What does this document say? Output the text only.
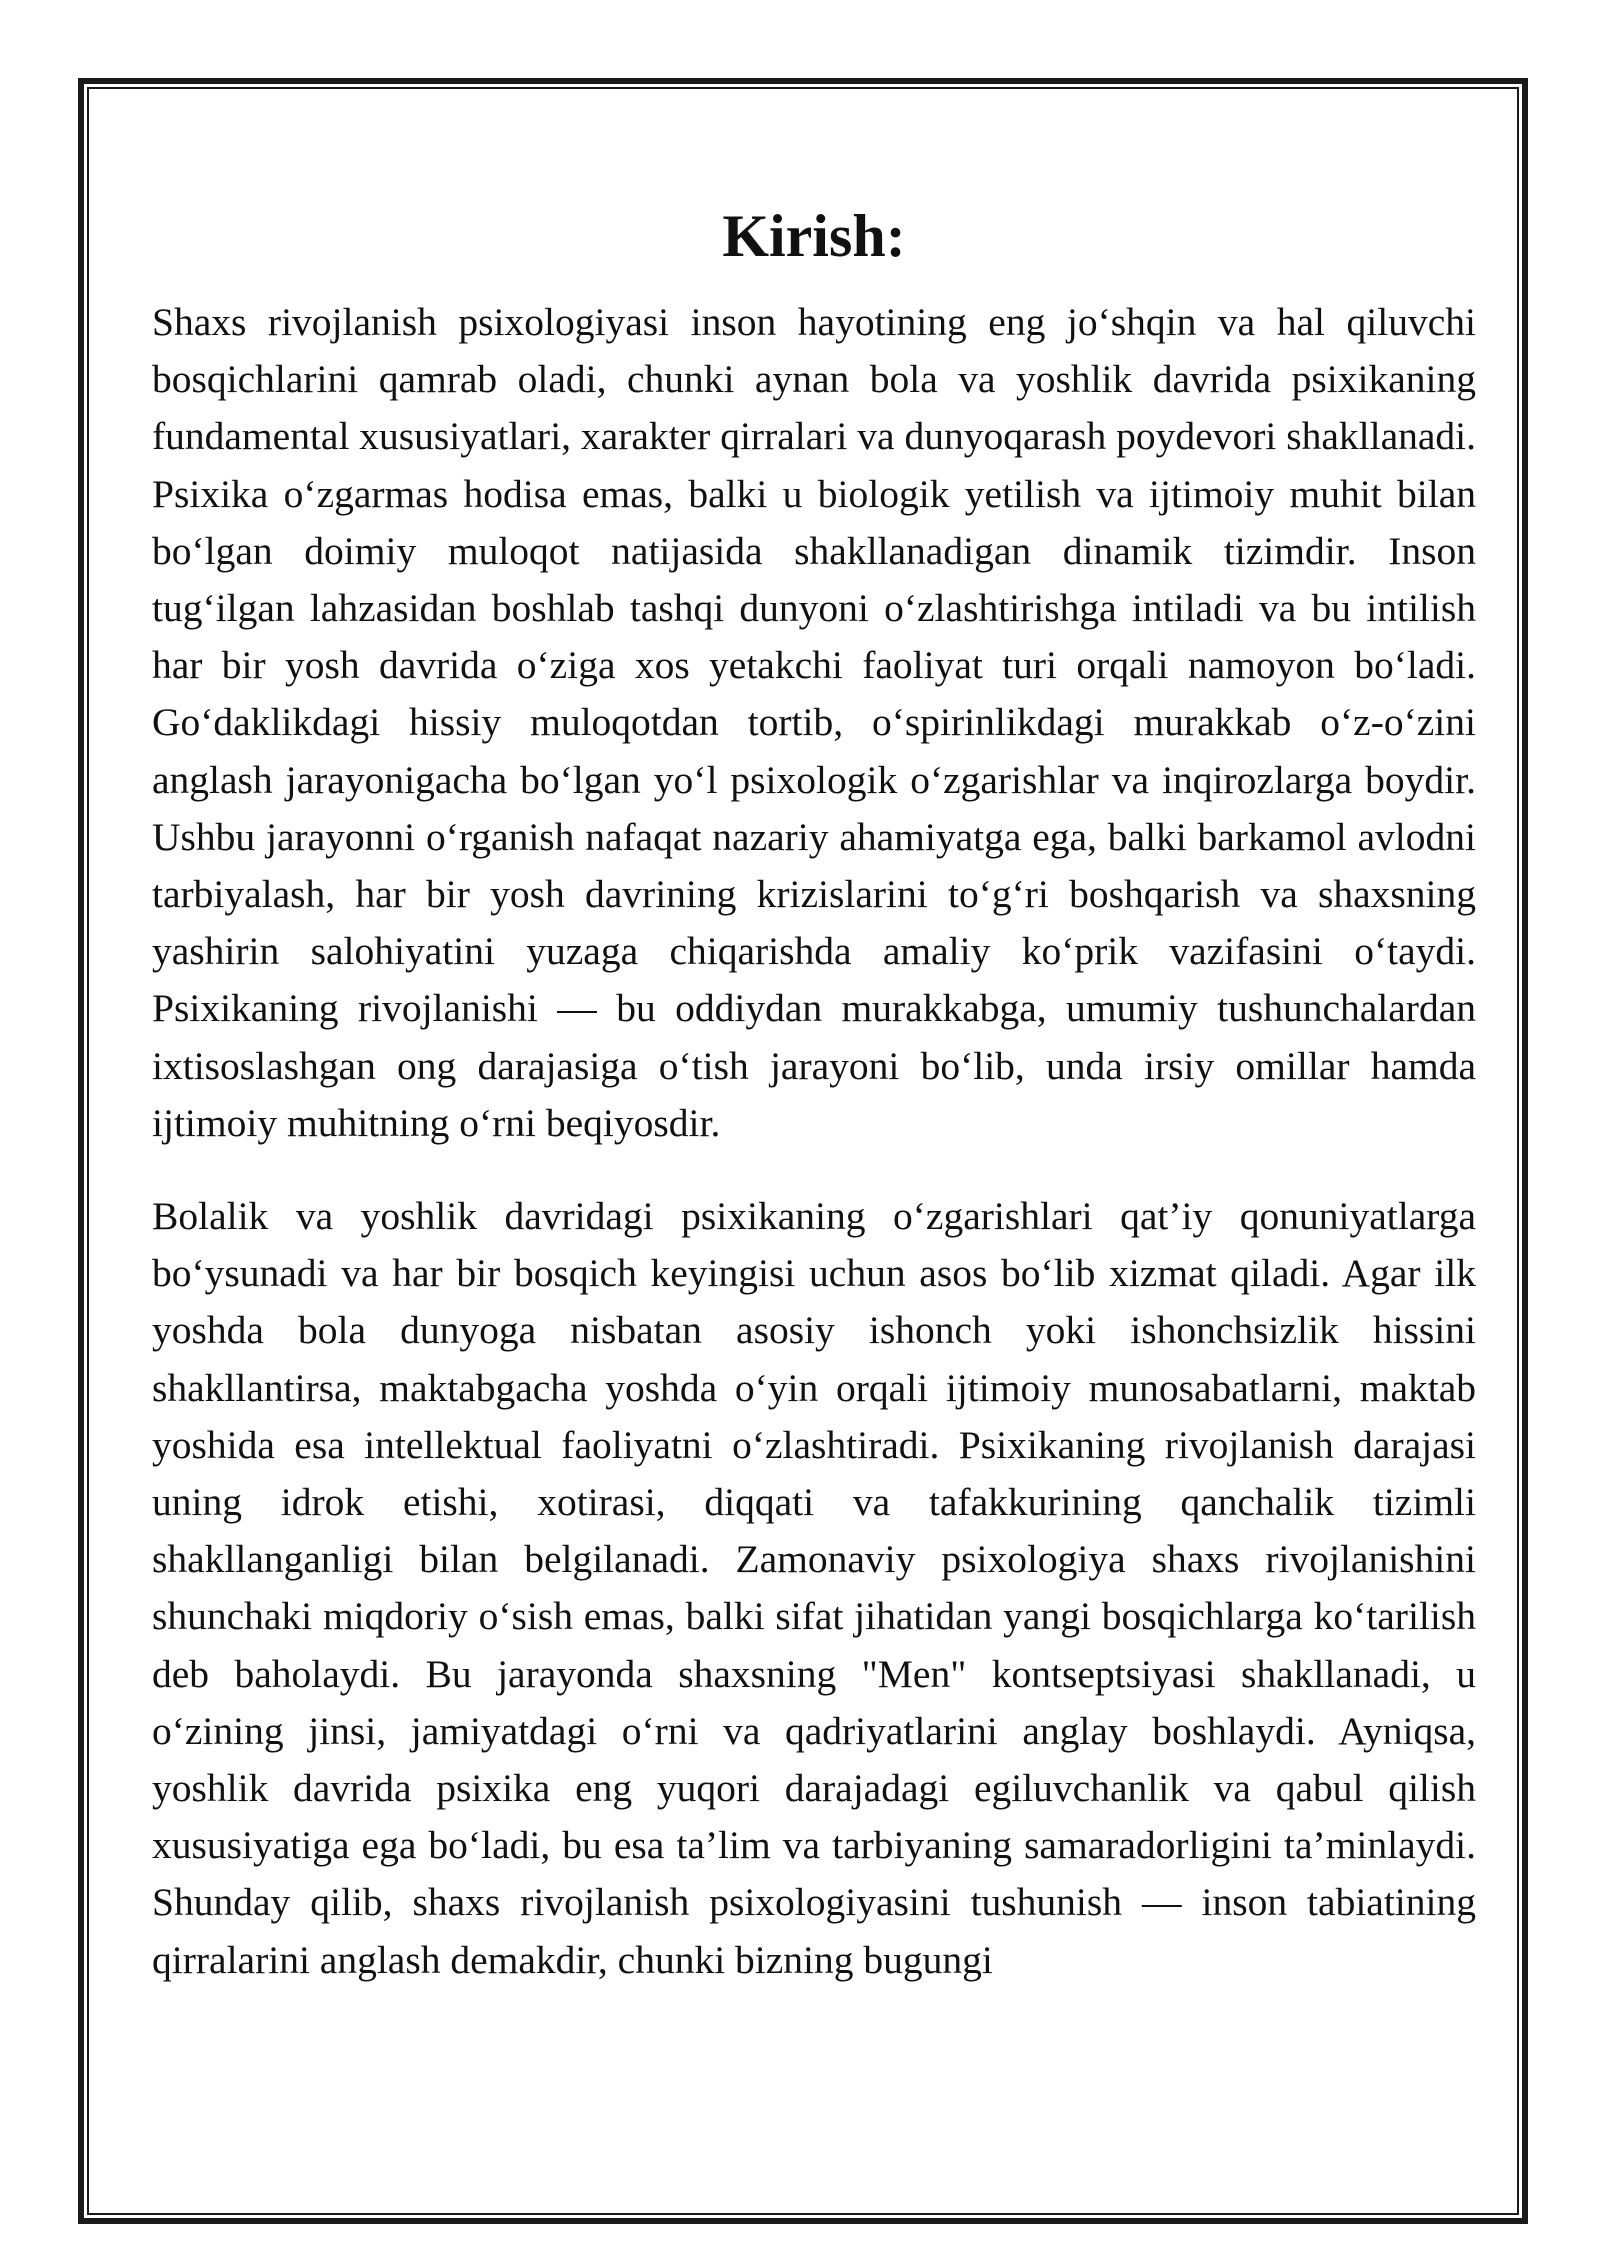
Kirish:

Shaxs rivojlanish psixologiyasi inson hayotining eng jo‘shqin va hal qiluvchi bosqichlarini qamrab oladi, chunki aynan bola va yoshlik davrida psixikaning fundamental xususiyatlari, xarakter qirralari va dunyoqarash poydevori shakllanadi. Psixika o‘zgarmas hodisa emas, balki u biologik yetilish va ijtimoiy muhit bilan bo‘lgan doimiy muloqot natijasida shakllanadigan dinamik tizimdir. Inson tug‘ilgan lahzasidan boshlab tashqi dunyoni o‘zlashtirishga intiladi va bu intilish har bir yosh davrida o‘ziga xos yetakchi faoliyat turi orqali namoyon bo‘ladi. Go‘daklikdagi hissiy muloqotdan tortib, o‘spirinlikdagi murakkab o‘z-o‘zini anglash jarayonigacha bo‘lgan yo‘l psixologik o‘zgarishlar va inqirozlarga boydir. Ushbu jarayonni o‘rganish nafaqat nazariy ahamiyatga ega, balki barkamol avlodni tarbiyalash, har bir yosh davrining krizislarini to‘g‘ri boshqarish va shaxsning yashirin salohiyatini yuzaga chiqarishda amaliy ko‘prik vazifasini o‘taydi. Psixikaning rivojlanishi — bu oddiydan murakkabga, umumiy tushunchalardan ixtisoslashgan ong darajasiga o‘tish jarayoni bo‘lib, unda irsiy omillar hamda ijtimoiy muhitning o‘rni beqiyosdir.

Bolalik va yoshlik davridagi psixikaning o‘zgarishlari qat’iy qonuniyatlarga bo‘ysunadi va har bir bosqich keyingisi uchun asos bo‘lib xizmat qiladi. Agar ilk yoshda bola dunyoga nisbatan asosiy ishonch yoki ishonchsizlik hissini shakllantirsa, maktabgacha yoshda o‘yin orqali ijtimoiy munosabatlarni, maktab yoshida esa intellektual faoliyatni o‘zlashtiradi. Psixikaning rivojlanish darajasi uning idrok etishi, xotirasi, diqqati va tafakkurining qanchalik tizimli shakllanganligi bilan belgilanadi. Zamonaviy psixologiya shaxs rivojlanishini shunchaki miqdoriy o‘sish emas, balki sifat jihatidan yangi bosqichlarga ko‘tarilish deb baholaydi. Bu jarayonda shaxsning "Men" kontseptsiyasi shakllanadi, u o‘zining jinsi, jamiyatdagi o‘rni va qadriyatlarini anglay boshlaydi. Ayniqsa, yoshlik davrida psixika eng yuqori darajadagi egiluvchanlik va qabul qilish xususiyatiga ega bo‘ladi, bu esa ta’lim va tarbiyaning samaradorligini ta’minlaydi. Shunday qilib, shaxs rivojlanish psixologiyasini tushunish — inson tabiatining qirralarini anglash demakdir, chunki bizning bugungi
